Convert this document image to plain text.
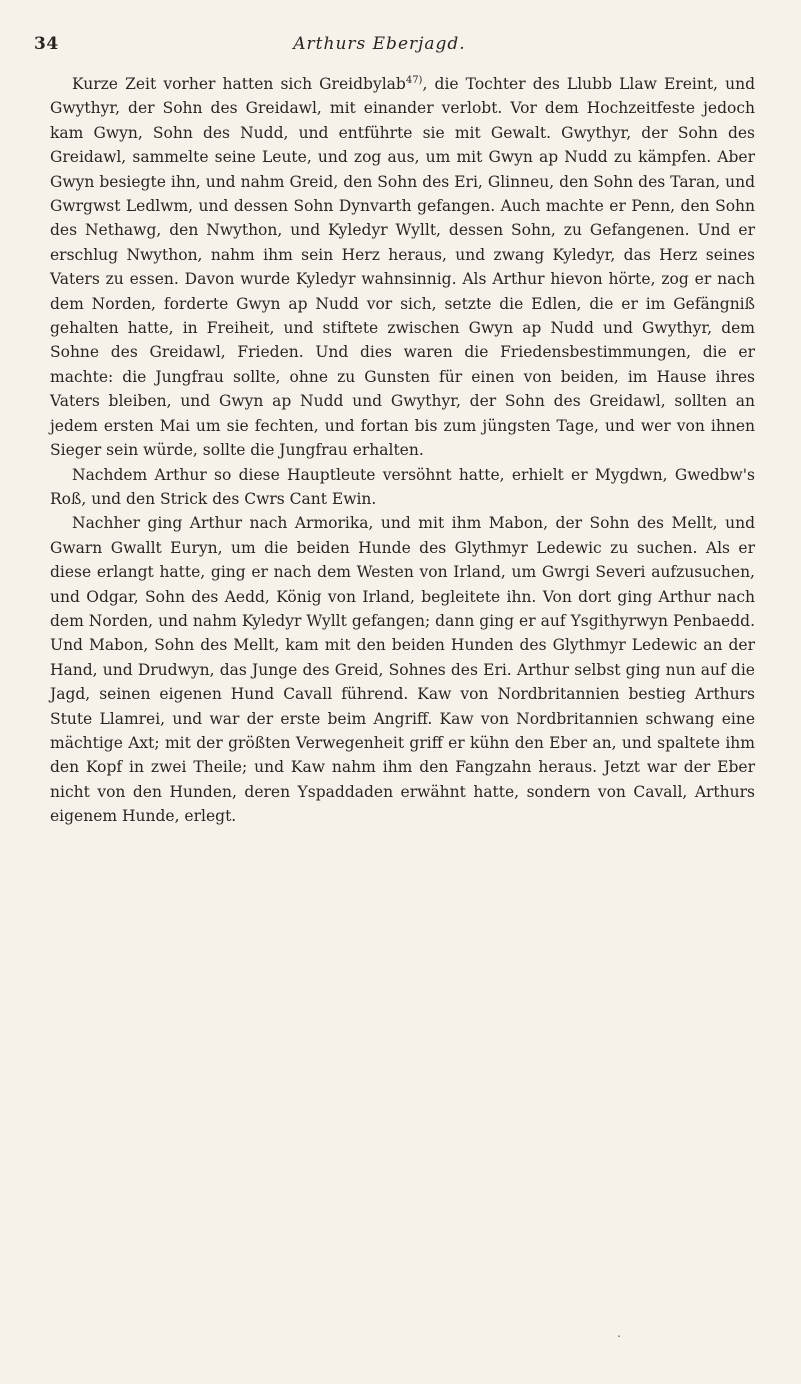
34	Arthurs Eberjagd.

Kurze Zeit vorher hatten sich Greidbylab$^{47)}$, die Tochter des Llubb Llaw Ereint, und Gwythyr, der Sohn des Greidawl, mit einander verlobt. Vor dem Hochzeitfeste jedoch kam Gwyn, Sohn des Nudd, und entführte sie mit Gewalt. Gwythyr, der Sohn des Greidawl, sammelte seine Leute, und zog aus, um mit Gwyn ap Nudd zu kämpfen. Aber Gwyn besiegte ihn, und nahm Greid, den Sohn des Eri, Glinneu, den Sohn des Taran, und Gwrgwst Ledlwm, und dessen Sohn Dynvarth gefangen. Auch machte er Penn, den Sohn des Nethawg, den Nwython, und Kyledyr Wyllt, dessen Sohn, zu Gefangenen. Und er erschlug Nwython, nahm ihm sein Herz heraus, und zwang Kyledyr, das Herz seines Vaters zu essen. Davon wurde Kyledyr wahnsinnig. Als Arthur hievon hörte, zog er nach dem Norden, forderte Gwyn ap Nudd vor sich, setzte die Edlen, die er im Gefängniß gehalten hatte, in Freiheit, und stiftete zwischen Gwyn ap Nudd und Gwythyr, dem Sohne des Greidawl, Frieden. Und dies waren die Friedensbestimmungen, die er machte: die Jungfrau sollte, ohne zu Gunsten für einen von beiden, im Hause ihres Vaters bleiben, und Gwyn ap Nudd und Gwythyr, der Sohn des Greidawl, sollten an jedem ersten Mai um sie fechten, und fortan bis zum jüngsten Tage, und wer von ihnen Sieger sein würde, sollte die Jungfrau erhalten.

Nachdem Arthur so diese Hauptleute versöhnt hatte, erhielt er Mygdwn, Gwedbw's Roß, und den Strick des Cwrs Cant Ewin.

Nachher ging Arthur nach Armorika, und mit ihm Mabon, der Sohn des Mellt, und Gwarn Gwallt Euryn, um die beiden Hunde des Glythmyr Ledewic zu suchen. Als er diese erlangt hatte, ging er nach dem Westen von Irland, um Gwrgi Severi aufzusuchen, und Odgar, Sohn des Aedd, König von Irland, begleitete ihn. Von dort ging Arthur nach dem Norden, und nahm Kyledyr Wyllt gefangen; dann ging er auf Ysgithyrwyn Penbaedd. Und Mabon, Sohn des Mellt, kam mit den beiden Hunden des Glythmyr Ledewic an der Hand, und Drudwyn, das Junge des Greid, Sohnes des Eri. Arthur selbst ging nun auf die Jagd, seinen eigenen Hund Cavall führend. Kaw von Nordbritannien bestieg Arthurs Stute Llamrei, und war der erste beim Angriff. Kaw von Nordbritannien schwang eine mächtige Axt; mit der größten Verwegenheit griff er kühn den Eber an, und spaltete ihm den Kopf in zwei Theile; und Kaw nahm ihm den Fangzahn heraus. Jetzt war der Eber nicht von den Hunden, deren Yspaddaden erwähnt hatte, sondern von Cavall, Arthurs eigenem Hunde, erlegt.

.
